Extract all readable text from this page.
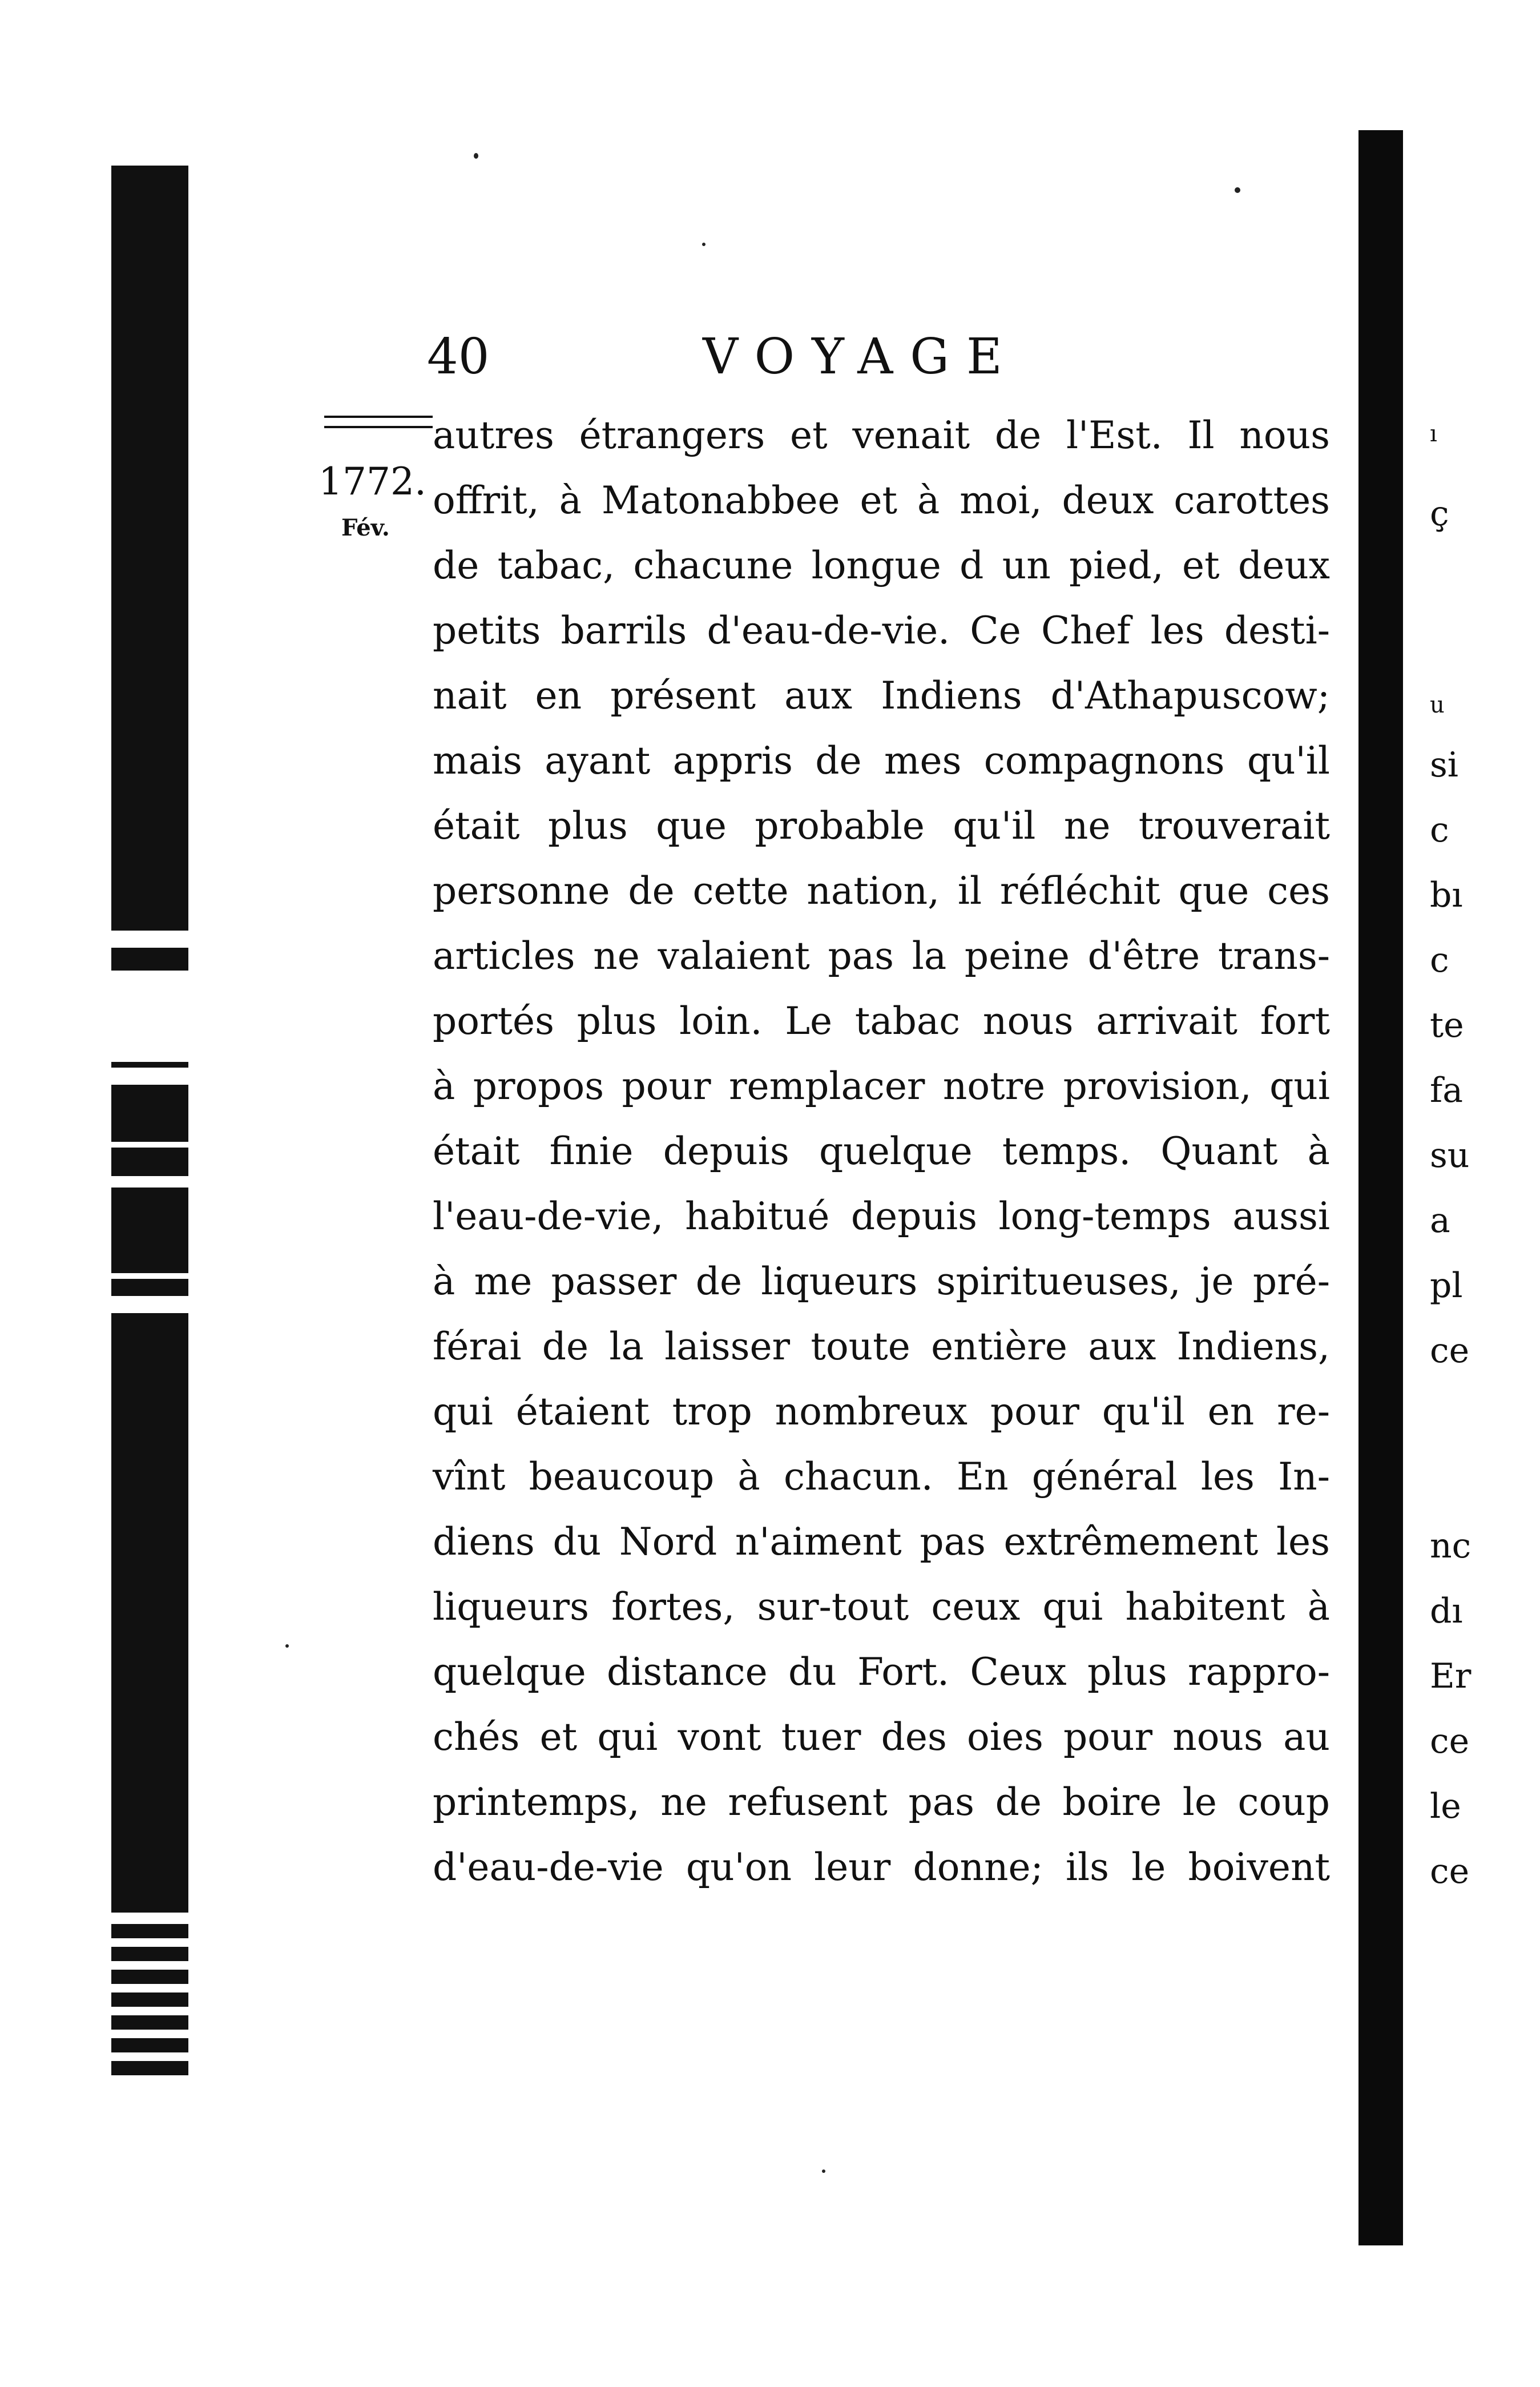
40	VOYAGE
1772.
Fév.
autres étrangers et venait de l'Est. Il nous
offrit, à Matonabbee et à moi, deux carottes
de tabac, chacune longue d un pied, et deux
petits barrils d'eau-de-vie. Ce Chef les desti-
nait en présent aux Indiens d'Athapuscow;
mais ayant appris de mes compagnons qu'il
était plus que probable qu'il ne trouverait
personne de cette nation, il réfléchit que ces
articles ne valaient pas la peine d'être trans-
portés plus loin. Le tabac nous arrivait fort
à propos pour remplacer notre provision, qui
était finie depuis quelque temps. Quant à
l'eau-de-vie, habitué depuis long-temps aussi
à me passer de liqueurs spiritueuses, je pré-
férai de la laisser toute entière aux Indiens,
qui étaient trop nombreux pour qu'il en re-
vînt beaucoup à chacun. En général les In-
diens du Nord n'aiment pas extrêmement les
liqueurs fortes, sur-tout ceux qui habitent à
quelque distance du Fort. Ceux plus rappro-
chés et qui vont tuer des oies pour nous au
printemps, ne refusent pas de boire le coup
d'eau-de-vie qu'on leur donne; ils le boivent
ı
ç
u
si
c
bı
c
te
fa
su
a
pl
ce
nc
dı
Er
ce
le
ce
